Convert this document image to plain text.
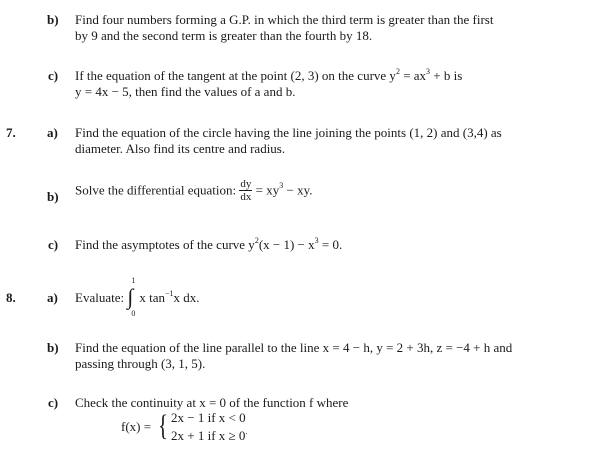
b) Find four numbers forming a G.P. in which the third term is greater than the first
by 9 and the second term is greater than the fourth by 18.
c) If the equation of the tangent at the point (2, 3) on the curve $y^2 = ax^3 + b$ is
y = 4x − 5, then find the values of a and b.
7. a) Find the equation of the circle having the line joining the points (1, 2) and (3,4) as
diameter. Also find its centre and radius.
b) Solve the differential equation: $\frac{dy}{dx} = xy^3$ − xy.
c) Find the asymptotes of the curve $y^2(x - 1) - x^3 = 0$.
8. a) Evaluate: ∫
1
0
x $\tan^{-1}x$ dx.
b) Find the equation of the line parallel to the line x = 4 − h, y = 2 + 3h, z = −4 + h and
passing through (3, 1, 5).
c) Check the continuity at x = 0 of the function f where
f(x) = { 2x − 1 if x < 0
2x + 1 if x ≥ 0.
